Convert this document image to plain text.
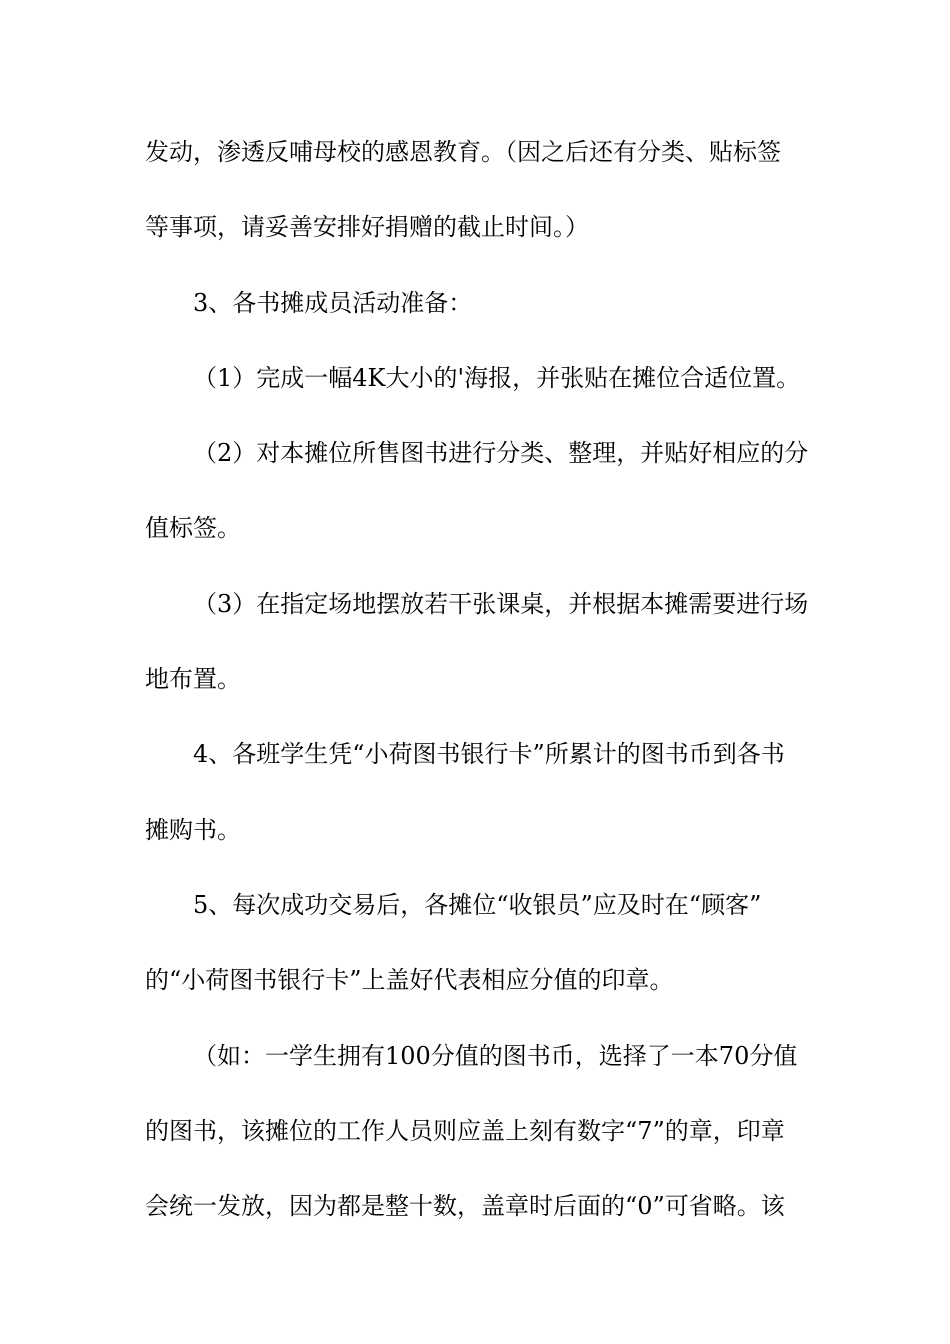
发动，渗透反哺母校的感恩教育。（因之后还有分类、贴标签
等事项，请妥善安排好捐赠的截止时间。）
3、各书摊成员活动准备：
（1）完成一幅4K大小的'海报，并张贴在摊位合适位置。
（2）对本摊位所售图书进行分类、整理，并贴好相应的分
值标签。
（3）在指定场地摆放若干张课桌，并根据本摊需要进行场
地布置。
4、各班学生凭“小荷图书银行卡”所累计的图书币到各书
摊购书。
5、每次成功交易后，各摊位“收银员”应及时在“顾客”
的“小荷图书银行卡”上盖好代表相应分值的印章。
（如：一学生拥有100分值的图书币，选择了一本70分值
的图书，该摊位的工作人员则应盖上刻有数字“7”的章，印章
会统一发放，因为都是整十数，盖章时后面的“0”可省略。该
